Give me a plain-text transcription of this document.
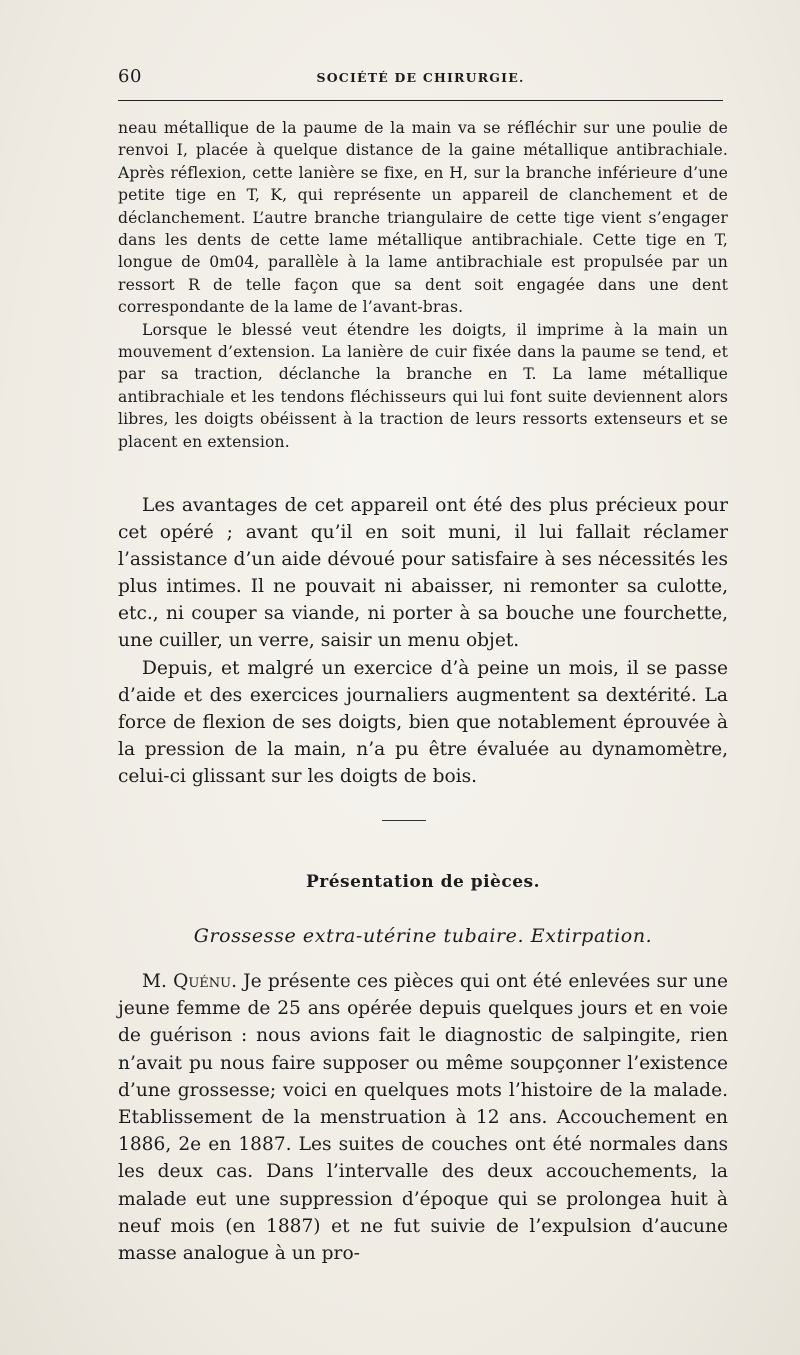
60	SOCIÉTÉ DE CHIRURGIE.

neau métallique de la paume de la main va se réfléchir sur une poulie de renvoi I, placée à quelque distance de la gaine métallique antibrachiale. Après réflexion, cette lanière se fixe, en H, sur la branche inférieure d’une petite tige en T, K, qui représente un appareil de clanchement et de déclanchement. L’autre branche triangulaire de cette tige vient s’engager dans les dents de cette lame métallique antibrachiale. Cette tige en T, longue de 0m04, parallèle à la lame antibrachiale est propulsée par un ressort R de telle façon que sa dent soit engagée dans une dent correspondante de la lame de l’avant-bras.

Lorsque le blessé veut étendre les doigts, il imprime à la main un mouvement d’extension. La lanière de cuir fixée dans la paume se tend, et par sa traction, déclanche la branche en T. La lame métallique antibrachiale et les tendons fléchisseurs qui lui font suite deviennent alors libres, les doigts obéissent à la traction de leurs ressorts extenseurs et se placent en extension.

Les avantages de cet appareil ont été des plus précieux pour cet opéré ; avant qu’il en soit muni, il lui fallait réclamer l’assistance d’un aide dévoué pour satisfaire à ses nécessités les plus intimes. Il ne pouvait ni abaisser, ni remonter sa culotte, etc., ni couper sa viande, ni porter à sa bouche une fourchette, une cuiller, un verre, saisir un menu objet.

Depuis, et malgré un exercice d’à peine un mois, il se passe d’aide et des exercices journaliers augmentent sa dextérité. La force de flexion de ses doigts, bien que notablement éprouvée à la pression de la main, n’a pu être évaluée au dynamomètre, celui-ci glissant sur les doigts de bois.

Présentation de pièces.
Grossesse extra-utérine tubaire. Extirpation.

M. Quénu. Je présente ces pièces qui ont été enlevées sur une jeune femme de 25 ans opérée depuis quelques jours et en voie de guérison : nous avions fait le diagnostic de salpingite, rien n’avait pu nous faire supposer ou même soupçonner l’existence d’une grossesse; voici en quelques mots l’histoire de la malade. Etablissement de la menstruation à 12 ans. Accouchement en 1886, 2e en 1887. Les suites de couches ont été normales dans les deux cas. Dans l’intervalle des deux accouchements, la malade eut une suppression d’époque qui se prolongea huit à neuf mois (en 1887) et ne fut suivie de l’expulsion d’aucune masse analogue à un pro-
